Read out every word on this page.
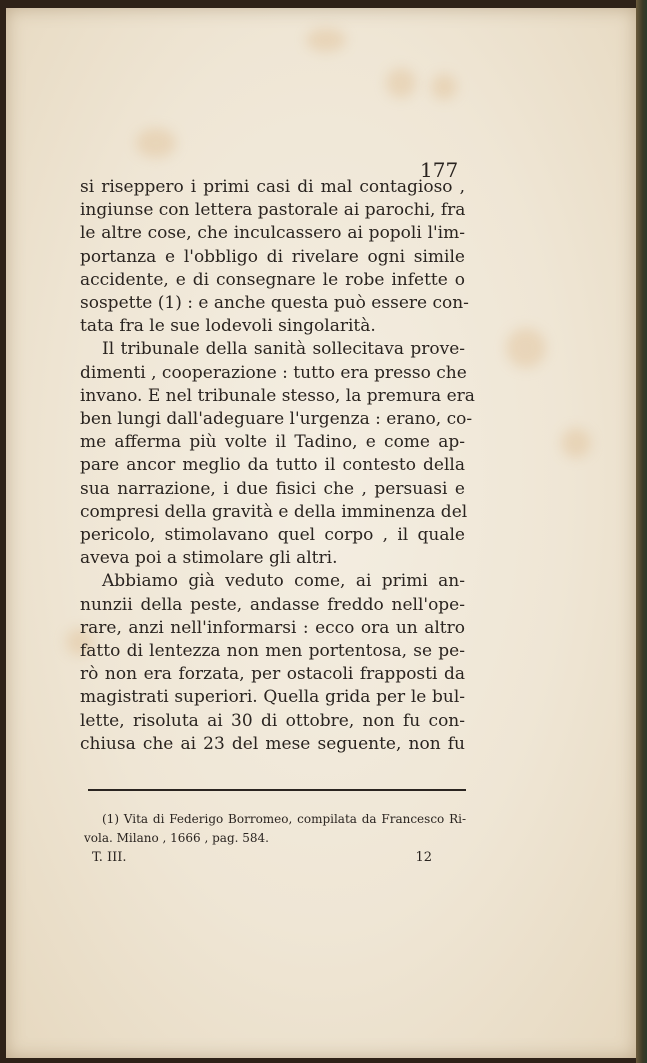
177
si riseppero i primi casi di mal contagioso ,
ingiunse con lettera pastorale ai parochi, fra
le altre cose, che inculcassero ai popoli l'im-
portanza e l'obbligo di rivelare ogni simile
accidente, e di consegnare le robe infette o
sospette (1) : e anche questa può essere con-
tata fra le sue lodevoli singolarità.
Il tribunale della sanità sollecitava prove-
dimenti , cooperazione : tutto era presso che
invano. E nel tribunale stesso, la premura era
ben lungi dall'adeguare l'urgenza : erano, co-
me afferma più volte il Tadino, e come ap-
pare ancor meglio da tutto il contesto della
sua narrazione, i due fisici che , persuasi e
compresi della gravità e della imminenza del
pericolo, stimolavano quel corpo , il quale
aveva poi a stimolare gli altri.
Abbiamo già veduto come, ai primi an-
nunzii della peste, andasse freddo nell'ope-
rare, anzi nell'informarsi : ecco ora un altro
fatto di lentezza non men portentosa, se pe-
rò non era forzata, per ostacoli frapposti da
magistrati superiori. Quella grida per le bul-
lette, risoluta ai 30 di ottobre, non fu con-
chiusa che ai 23 del mese seguente, non fu
(1) Vita di Federigo Borromeo, compilata da Francesco Ri-
vola. Milano , 1666 , pag. 584.
T. III.	12
